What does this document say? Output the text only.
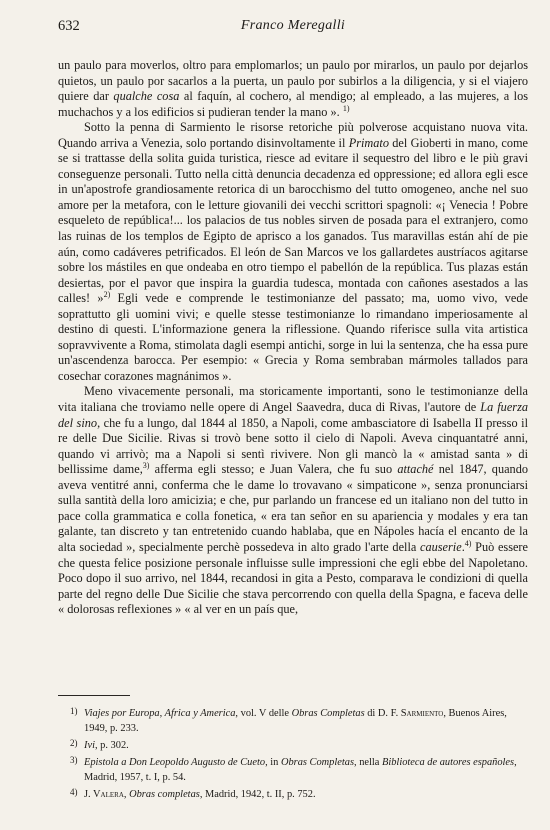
632	Franco Meregalli

un paulo para moverlos, oltro para emplomarlos; un paulo por mirarlos, un paulo por dejarlos quietos, un paulo por sacarlos a la puerta, un paulo por subirlos a la diligencia, y si el viajero quiere dar qualche cosa al faquín, al cochero, al mendigo; al empleado, a las mujeres, a los muchachos y a los edificios si pudieran tender la mano ». $^{1)}$

Sotto la penna di Sarmiento le risorse retoriche più polverose acquistano nuova vita. Quando arriva a Venezia, solo portando disinvoltamente il Primato del Gioberti in mano, come se si trattasse della solita guida turistica, riesce ad evitare il sequestro del libro e le più gravi conseguenze personali. Tutto nella città denuncia decadenza ed oppressione; ed allora egli esce in un'apostrofe grandiosamente retorica di un barocchismo del tutto omogeneo, anche nel suo amore per la metafora, con le letture giovanili dei vecchi scrittori spagnoli: «¡ Venecia ! Pobre esqueleto de república!... los palacios de tus nobles sirven de posada para el extranjero, como las ruinas de los templos de Egipto de aprisco a los ganados. Tus maravillas están ahí de pie aún, como cadáveres petrificados. El león de San Marcos ve los gallardetes austríacos agitarse sobre los mástiles en que ondeaba en otro tiempo el pabellón de la república. Tus plazas están desiertas, por el pavor que inspira la guardia tudesca, montada con cañones asestados a las calles! »$^{2)}$ Egli vede e comprende le testimonianze del passato; ma, uomo vivo, vede soprattutto gli uomini vivi; e quelle stesse testimonianze lo rimandano imperiosamente al destino di questi. L'informazione genera la riflessione. Quando riferisce sulla vita artistica sopravvivente a Roma, stimolata dagli esempi antichi, sorge in lui la sentenza, che ha essa pure un'ascendenza barocca. Per esempio: « Grecia y Roma sembraban mármoles tallados para cosechar corazones magnánimos ».

Meno vivacemente personali, ma storicamente importanti, sono le testimonianze della vita italiana che troviamo nelle opere di Angel Saavedra, duca di Rivas, l'autore de La fuerza del sino, che fu a lungo, dal 1844 al 1850, a Napoli, come ambasciatore di Isabella II presso il re delle Due Sicilie. Rivas si trovò bene sotto il cielo di Napoli. Aveva cinquantatré anni, quando vi arrivò; ma a Napoli si sentì rivivere. Non gli mancò la « amistad santa » di bellissime dame,$^{3)}$ afferma egli stesso; e Juan Valera, che fu suo attaché nel 1847, quando aveva ventitré anni, conferma che le dame lo trovavano « simpaticone », senza pronunciarsi sulla santità della loro amicizia; e che, pur parlando un francese ed un italiano non del tutto in pace colla grammatica e colla fonetica, « era tan señor en su apariencia y modales y era tan galante, tan discreto y tan entretenido cuando hablaba, que en Nápoles hacía el encanto de la alta sociedad », specialmente perchè possedeva in alto grado l'arte della causerie.$^{4)}$ Può essere che questa felice posizione personale influisse sulle impressioni che egli ebbe del Napoletano. Poco dopo il suo arrivo, nel 1844, recandosi in gita a Pesto, comparava le condizioni di quella parte del regno delle Due Sicilie che stava percorrendo con quella della Spagna, e faceva delle « dolorosas reflexiones » « al ver en un país que,

1) Viajes por Europa, Africa y America, vol. V delle Obras Completas di D. F. Sarmiento, Buenos Aires, 1949, p. 233.

2) Ivi, p. 302.

3) Epistola a Don Leopoldo Augusto de Cueto, in Obras Completas, nella Biblioteca de autores españoles, Madrid, 1957, t. I, p. 54.

4) J. Valera, Obras completas, Madrid, 1942, t. II, p. 752.
